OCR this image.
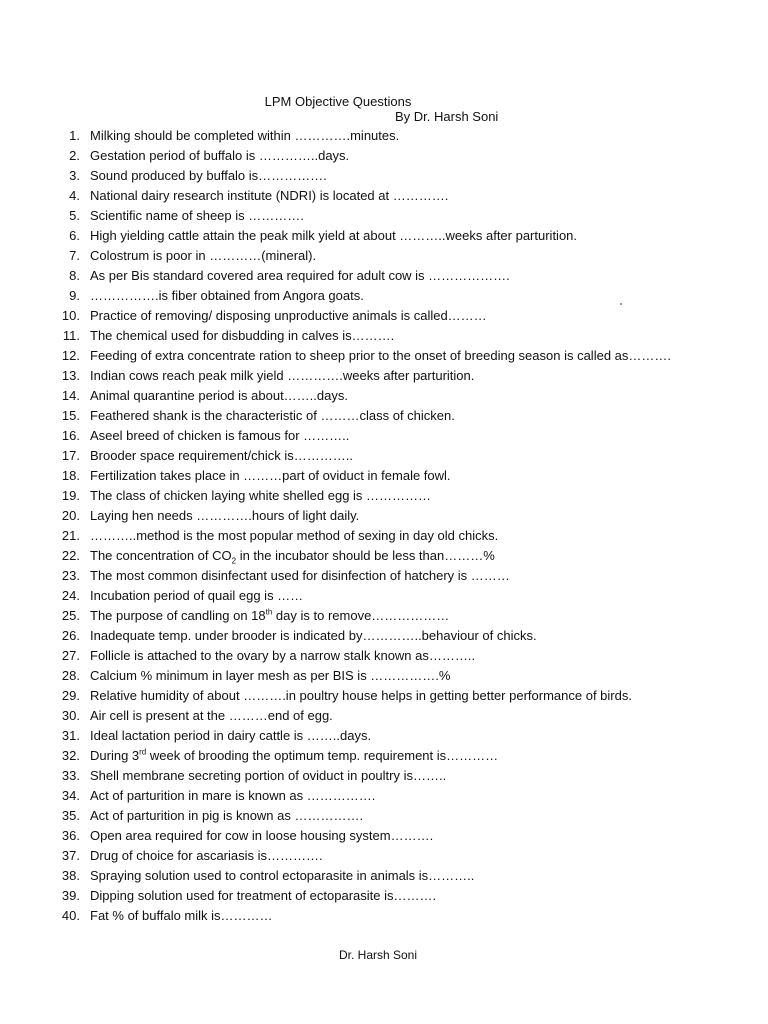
LPM Objective Questions
By Dr. Harsh Soni
1. Milking should be completed within ………….minutes.
2. Gestation period of buffalo is …………..days.
3. Sound produced by buffalo is…………….
4. National dairy research institute (NDRI) is located at ………….
5. Scientific name of sheep is ………….
6. High yielding cattle attain the peak milk yield at about ………..weeks after parturition.
7. Colostrum is poor in …………(mineral).
8. As per Bis standard covered area required for adult cow is ……………….
9. …………….is fiber obtained from Angora goats.
10. Practice of removing/ disposing unproductive animals is called………
11. The chemical used for disbudding in calves is……….
12. Feeding of extra concentrate ration to sheep prior to the onset of breeding season is called as……….
13. Indian cows reach peak milk yield ………….weeks after parturition.
14. Animal quarantine period is about……..days.
15. Feathered shank is the characteristic of ………class of chicken.
16. Aseel breed of chicken is famous for ………..
17. Brooder space requirement/chick is…………..
18. Fertilization takes place in ………part of oviduct in female fowl.
19. The class of chicken laying white shelled egg is ……………
20. Laying hen needs ………….hours of light daily.
21. ………..method is the most popular method of sexing in day old chicks.
22. The concentration of $CO_2$ in the incubator should be less than………%
23. The most common disinfectant used for disinfection of hatchery is ………
24. Incubation period of quail egg is ……
25. The purpose of candling on 18th day is to remove………………
26. Inadequate temp. under brooder is indicated by…………..behaviour of chicks.
27. Follicle is attached to the ovary by a narrow stalk known as………..
28. Calcium % minimum in layer mesh as per BIS is …………….%
29. Relative humidity of about ……….in poultry house helps in getting better performance of birds.
30. Air cell is present at the ………end of egg.
31. Ideal lactation period in dairy cattle is ……..days.
32. During 3rd week of brooding the optimum temp. requirement is…………
33. Shell membrane secreting portion of oviduct in poultry is……..
34. Act of parturition in mare is known as …………….
35. Act of parturition in pig is known as …………….
36. Open area required for cow in loose housing system……….
37. Drug of choice for ascariasis is………….
38. Spraying solution used to control ectoparasite in animals is………..
39. Dipping solution used for treatment of ectoparasite is……….
40. Fat % of buffalo milk is…………
Dr. Harsh Soni
